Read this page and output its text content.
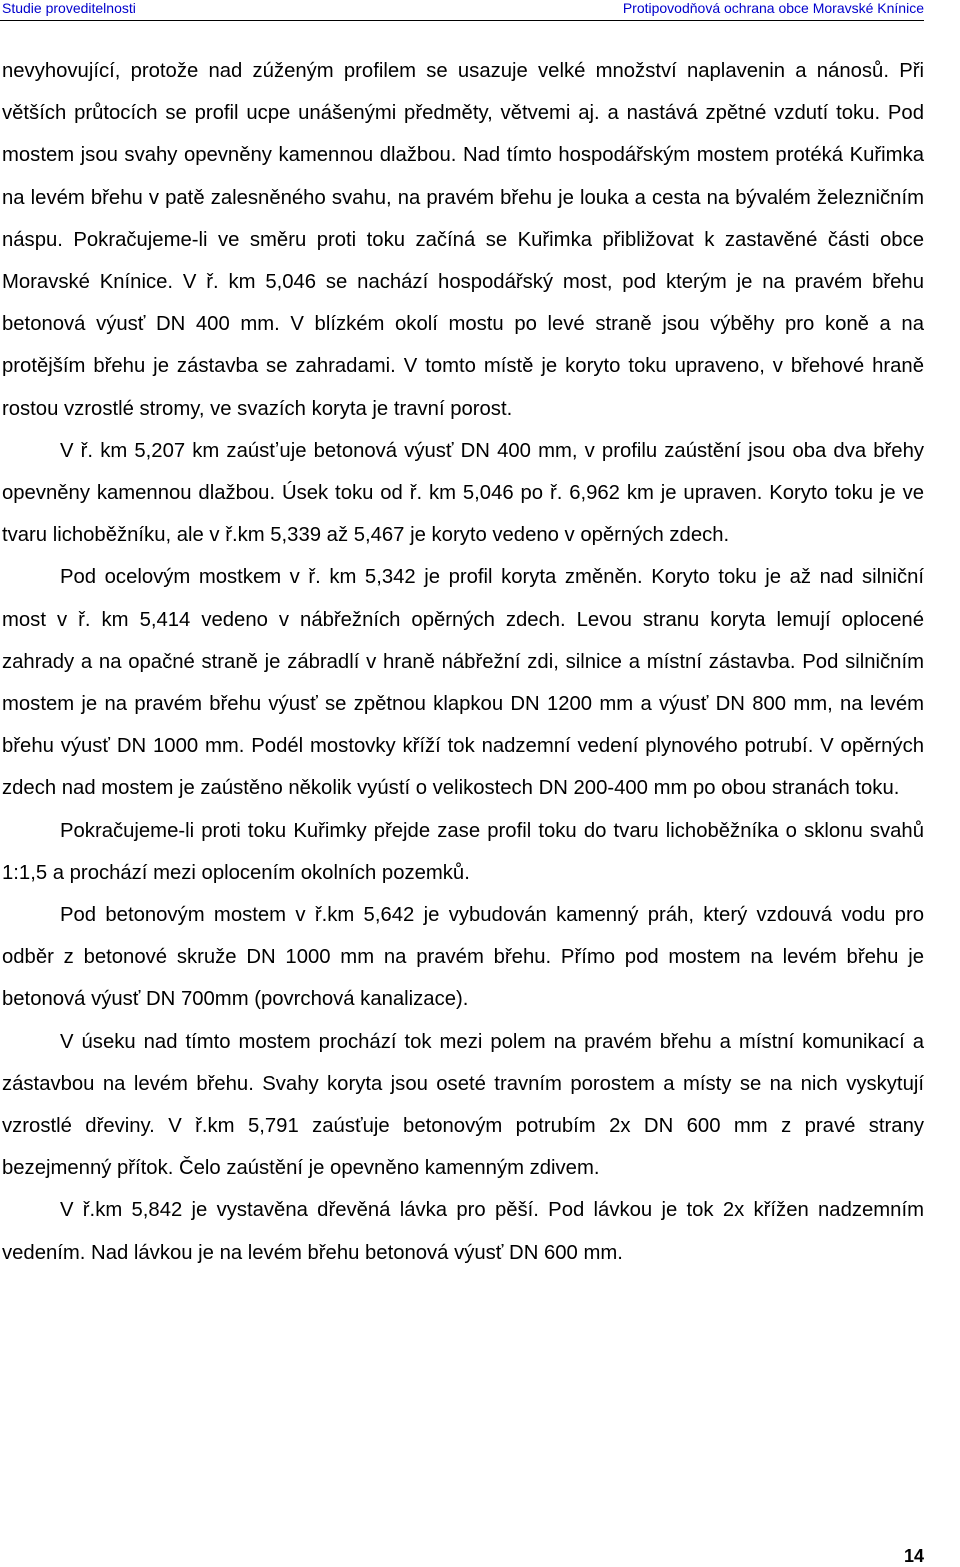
Studie proveditelnosti	Protipovodňová ochrana obce Moravské Knínice

nevyhovující, protože nad zúženým profilem se usazuje velké množství naplavenin a nánosů. Při větších průtocích se profil ucpe unášenými předměty, větvemi aj. a nastává zpětné vzdutí toku. Pod mostem jsou svahy opevněny kamennou dlažbou. Nad tímto hospodářským mostem protéká Kuřimka na levém břehu v patě zalesněného svahu, na pravém břehu je louka a cesta na bývalém železničním náspu. Pokračujeme-li ve směru proti toku začíná se Kuřimka přibližovat k zastavěné části obce Moravské Knínice. V ř. km 5,046 se nachází hospodářský most, pod kterým je na pravém břehu betonová výusť DN 400 mm. V blízkém okolí mostu po levé straně jsou výběhy pro koně a na protějším břehu je zástavba se zahradami. V tomto místě je koryto toku upraveno, v břehové hraně rostou vzrostlé stromy, ve svazích koryta je travní porost.

V ř. km 5,207 km zaústʼuje betonová výusť DN 400 mm, v profilu zaústění jsou oba dva břehy opevněny kamennou dlažbou. Úsek toku od ř. km 5,046 po ř. 6,962 km je upraven. Koryto toku je ve tvaru lichoběžníku, ale v ř.km 5,339 až 5,467 je koryto vedeno v opěrných zdech.

Pod ocelovým mostkem v ř. km 5,342 je profil koryta změněn. Koryto toku je až nad silniční most v ř. km 5,414 vedeno v nábřežních opěrných zdech. Levou stranu koryta lemují oplocené zahrady a na opačné straně je zábradlí v hraně nábřežní zdi, silnice a místní zástavba. Pod silničním mostem je na pravém břehu výusť se zpětnou klapkou DN 1200 mm a výusť DN 800 mm, na levém břehu výusť DN 1000 mm. Podél mostovky kříží tok nadzemní vedení plynového potrubí. V opěrných zdech nad mostem je zaústěno několik vyústí o velikostech DN 200-400 mm po obou stranách toku.

Pokračujeme-li proti toku Kuřimky přejde zase profil toku do tvaru lichoběžníka o sklonu svahů 1:1,5 a prochází mezi oplocením okolních pozemků.

Pod betonovým mostem v ř.km 5,642 je vybudován kamenný práh, který vzdouvá vodu pro odběr z betonové skruže DN 1000 mm na pravém břehu. Přímo pod mostem na levém břehu je betonová výusť DN 700mm (povrchová kanalizace).

V úseku nad tímto mostem prochází tok mezi polem na pravém břehu a místní komunikací a zástavbou na levém břehu. Svahy koryta jsou oseté travním porostem a místy se na nich vyskytují vzrostlé dřeviny. V ř.km 5,791 zaúsťuje betonovým potrubím 2x DN 600 mm z pravé strany bezejmenný přítok. Čelo zaústění je opevněno kamenným zdivem.

V ř.km 5,842 je vystavěna dřevěná lávka pro pěší. Pod lávkou je tok 2x křížen nadzemním vedením. Nad lávkou je na levém břehu betonová výusť DN 600 mm.

14
